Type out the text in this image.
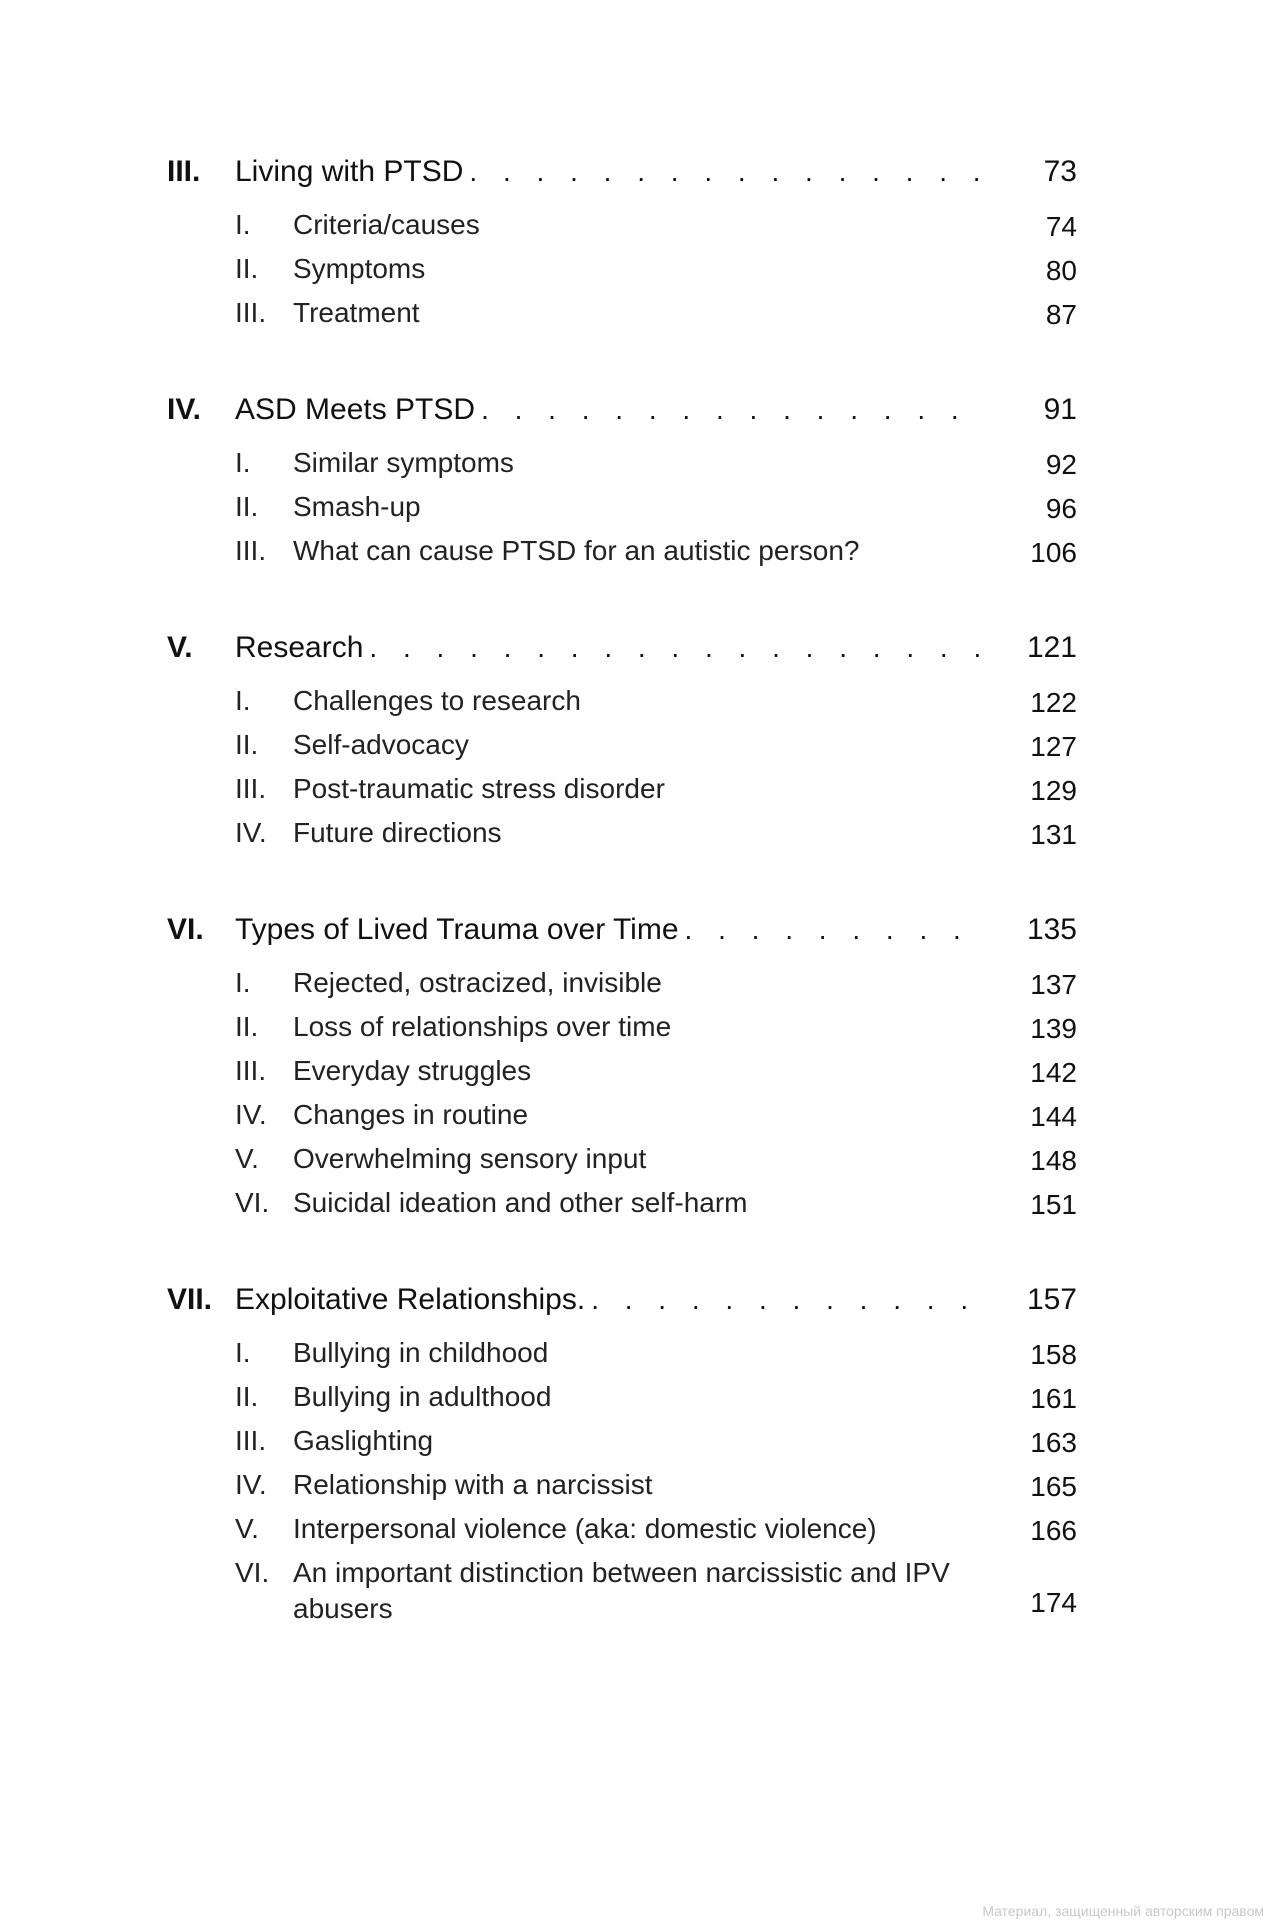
III.	Living with PTSD . . .	73
I.	Criteria/causes	74
II.	Symptoms	80
III. Treatment	87
IV.	ASD Meets PTSD . . .	91
I.	Similar symptoms	92
II.	Smash-up	96
III. What can cause PTSD for an autistic person?	106
V.	Research . . .	121
I.	Challenges to research	122
II.	Self-advocacy	127
III. Post-traumatic stress disorder	129
IV. Future directions	131
VI.	Types of Lived Trauma over Time . . .	135
I.	Rejected, ostracized, invisible	137
II.	Loss of relationships over time	139
III. Everyday struggles	142
IV. Changes in routine	144
V.	Overwhelming sensory input	148
VI. Suicidal ideation and other self-harm	151
VII. Exploitative Relationships. . . .	157
I.	Bullying in childhood	158
II.	Bullying in adulthood	161
III. Gaslighting	163
IV. Relationship with a narcissist	165
V.	Interpersonal violence (aka: domestic violence)	166
VI. An important distinction between narcissistic and IPV abusers	174
Материал, защищенный авторским правом
